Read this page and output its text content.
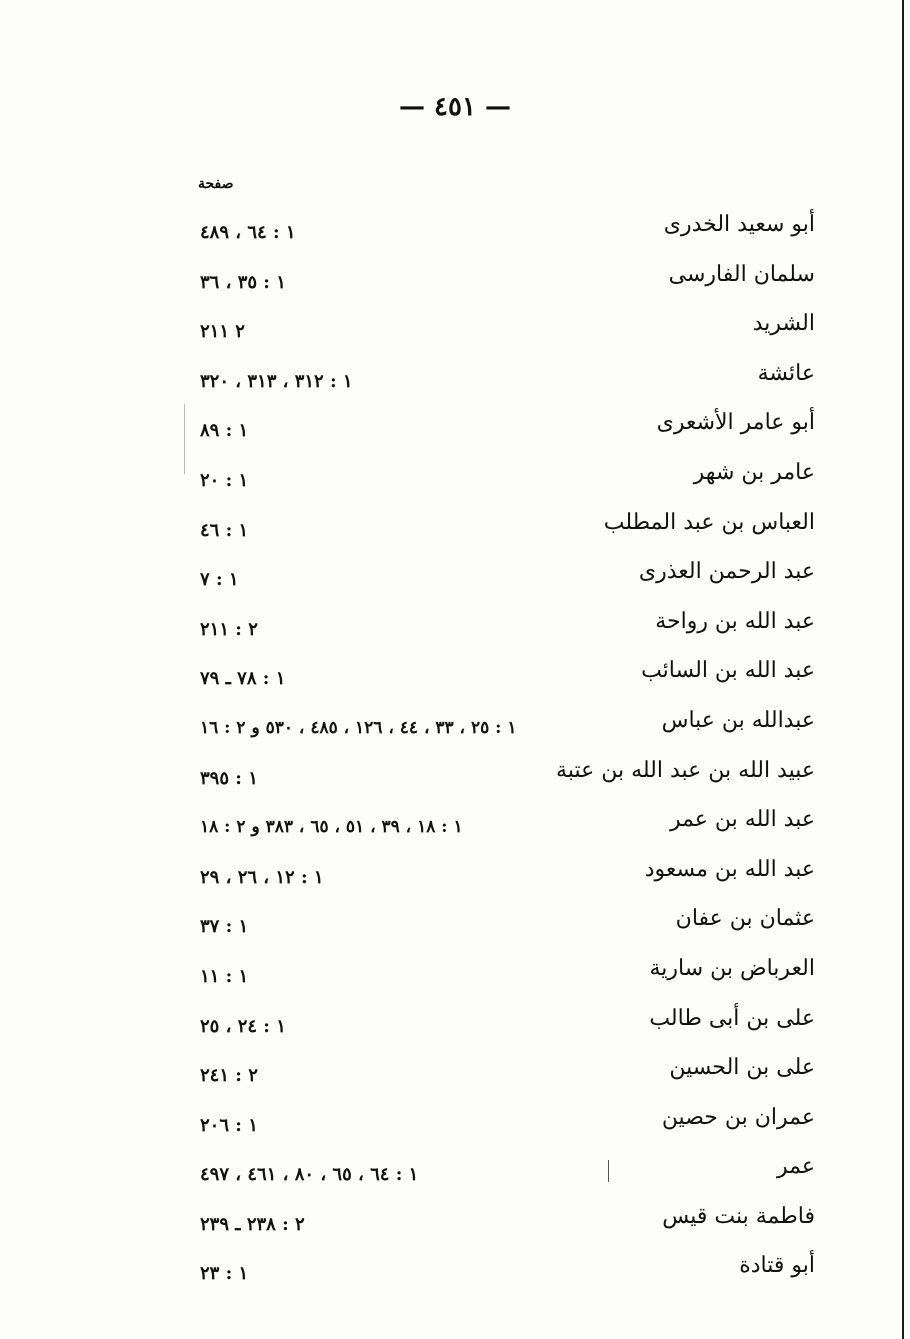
— ٤٥١ —
صفحة
أبو سعيد الخدرى
١ : ٦٤ ، ٤٨٩
سلمان الفارسى
١ : ٣٥ ، ٣٦
الشريد
٢ ٢١١
عائشة
١ : ٣١٢ ، ٣١٣ ، ٣٢٠
أبو عامر الأشعرى
١ : ٨٩
عامر بن شهر
١ : ٢٠
العباس بن عبد المطلب
١ : ٤٦
عبد الرحمن العذرى
١ : ٧
عبد الله بن رواحة
٢ : ٢١١
عبد الله بن السائب
١ : ٧٨ ـ ٧٩
عبدالله بن عباس
١ : ٢٥ ، ٣٣ ، ٤٤ ، ١٢٦ ، ٤٨٥ ، ٥٣٠ و ٢ : ١٦
عبيد الله بن عبد الله بن عتبة
١ : ٣٩٥
عبد الله بن عمر
١ : ١٨ ، ٣٩ ، ٥١ ، ٦٥ ، ٣٨٣ و ٢ : ١٨
عبد الله بن مسعود
١ : ١٢ ، ٢٦ ، ٢٩
عثمان بن عفان
١ : ٣٧
العرباض بن سارية
١ : ١١
على بن أبى طالب
١ : ٢٤ ، ٢٥
على بن الحسين
٢ : ٢٤١
عمران بن حصين
١ : ٢٠٦
عمر
١ : ٦٤ ، ٦٥ ، ٨٠ ، ٤٦١ ، ٤٩٧
فاطمة بنت قيس
٢ : ٢٣٨ ـ ٢٣٩
أبو قتادة
١ : ٢٣
